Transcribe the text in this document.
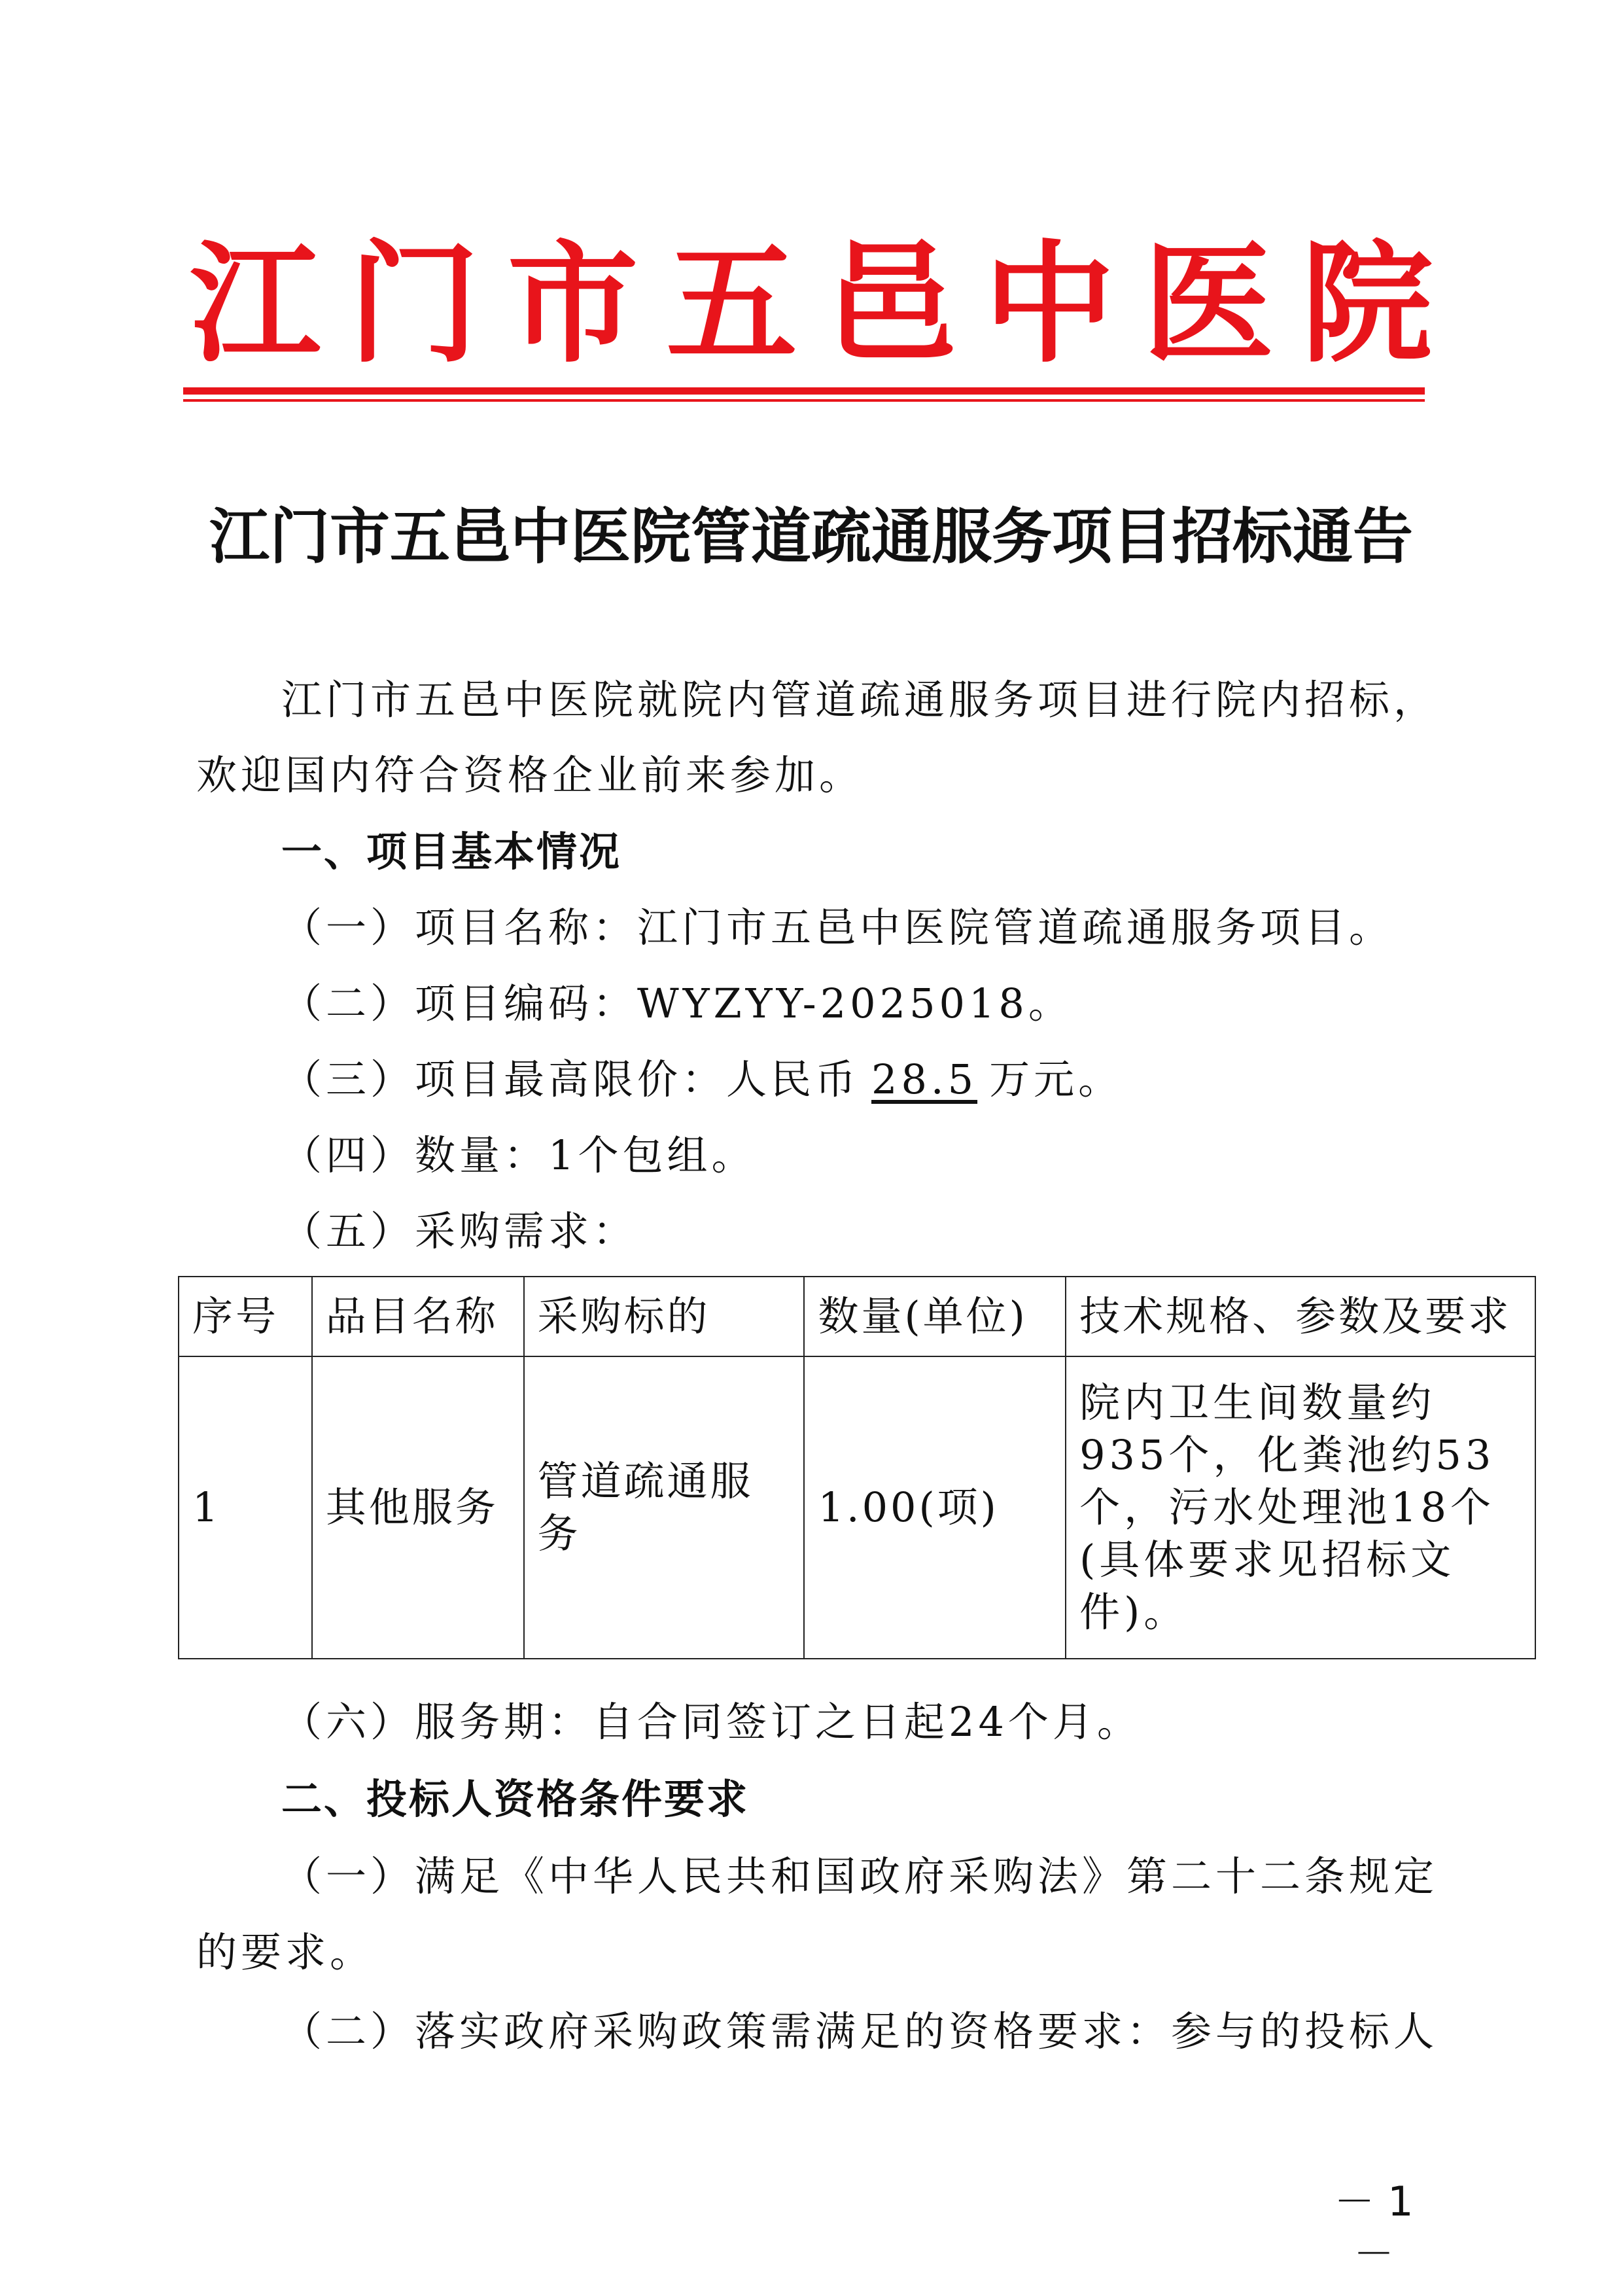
江 门 市 五 邑 中 医 院
江门市五邑中医院管道疏通服务项目招标通告
江门市五邑中医院就院内管道疏通服务项目进行院内招标，
欢迎国内符合资格企业前来参加。
一、项目基本情况
（一）项目名称：江门市五邑中医院管道疏通服务项目。
（二）项目编码：WYZYY-2025018。
（三）项目最高限价：人民币 28.5 万元。
（四）数量：1个包组。
（五）采购需求：
序号	品目名称	采购标的	数量(单位)	技术规格、参数及要求
1	其他服务	管道疏通服务	1.00(项)	院内卫生间数量约935个，化粪池约53个，污水处理池18个(具体要求见招标文件)。
（六）服务期：自合同签订之日起24个月。
二、投标人资格条件要求
（一）满足《中华人民共和国政府采购法》第二十二条规定
的要求。
（二）落实政府采购政策需满足的资格要求：参与的投标人
－ 1 －
